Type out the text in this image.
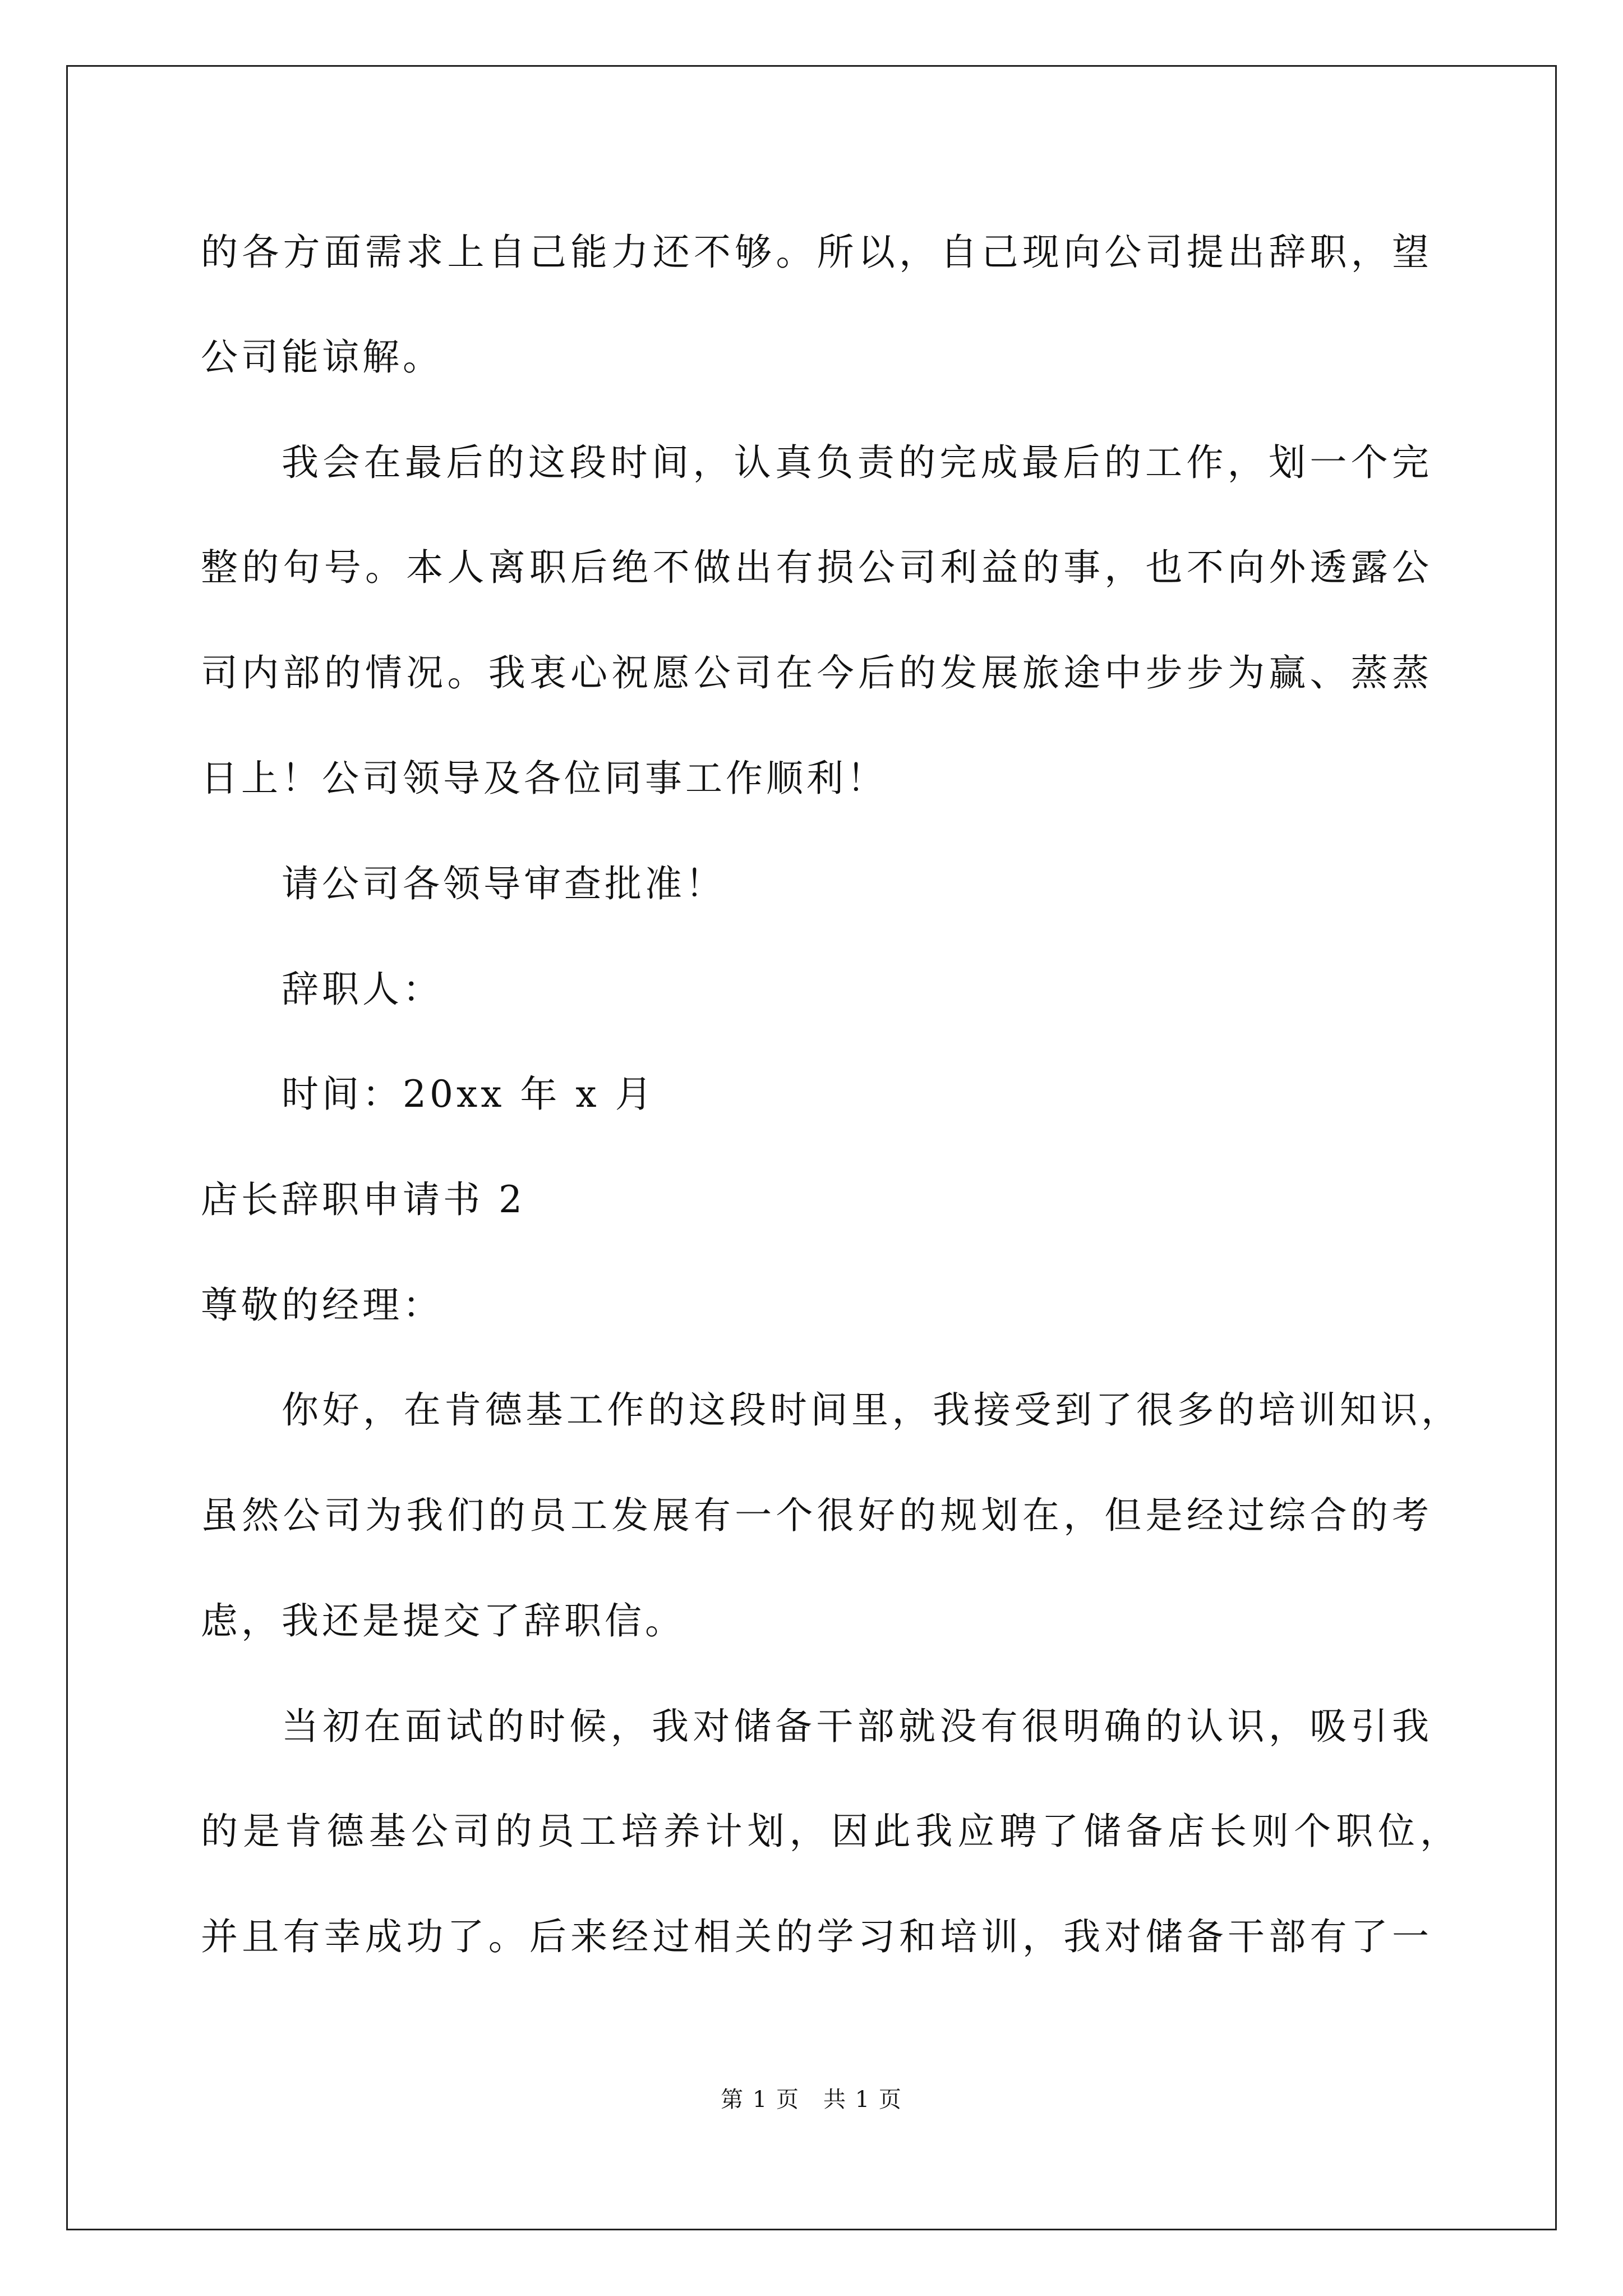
的各方面需求上自己能力还不够。所以，自己现向公司提出辞职，望
公司能谅解。
我会在最后的这段时间，认真负责的完成最后的工作，划一个完
整的句号。本人离职后绝不做出有损公司利益的事，也不向外透露公
司内部的情况。我衷心祝愿公司在今后的发展旅途中步步为赢、蒸蒸
日上！公司领导及各位同事工作顺利！
请公司各领导审查批准！
辞职人：
时间：20xx 年 x 月
店长辞职申请书 2
尊敬的经理：
你好，在肯德基工作的这段时间里，我接受到了很多的培训知识，
虽然公司为我们的员工发展有一个很好的规划在，但是经过综合的考
虑，我还是提交了辞职信。
当初在面试的时候，我对储备干部就没有很明确的认识，吸引我
的是肯德基公司的员工培养计划，因此我应聘了储备店长则个职位，
并且有幸成功了。后来经过相关的学习和培训，我对储备干部有了一
第 1 页　共 1 页
